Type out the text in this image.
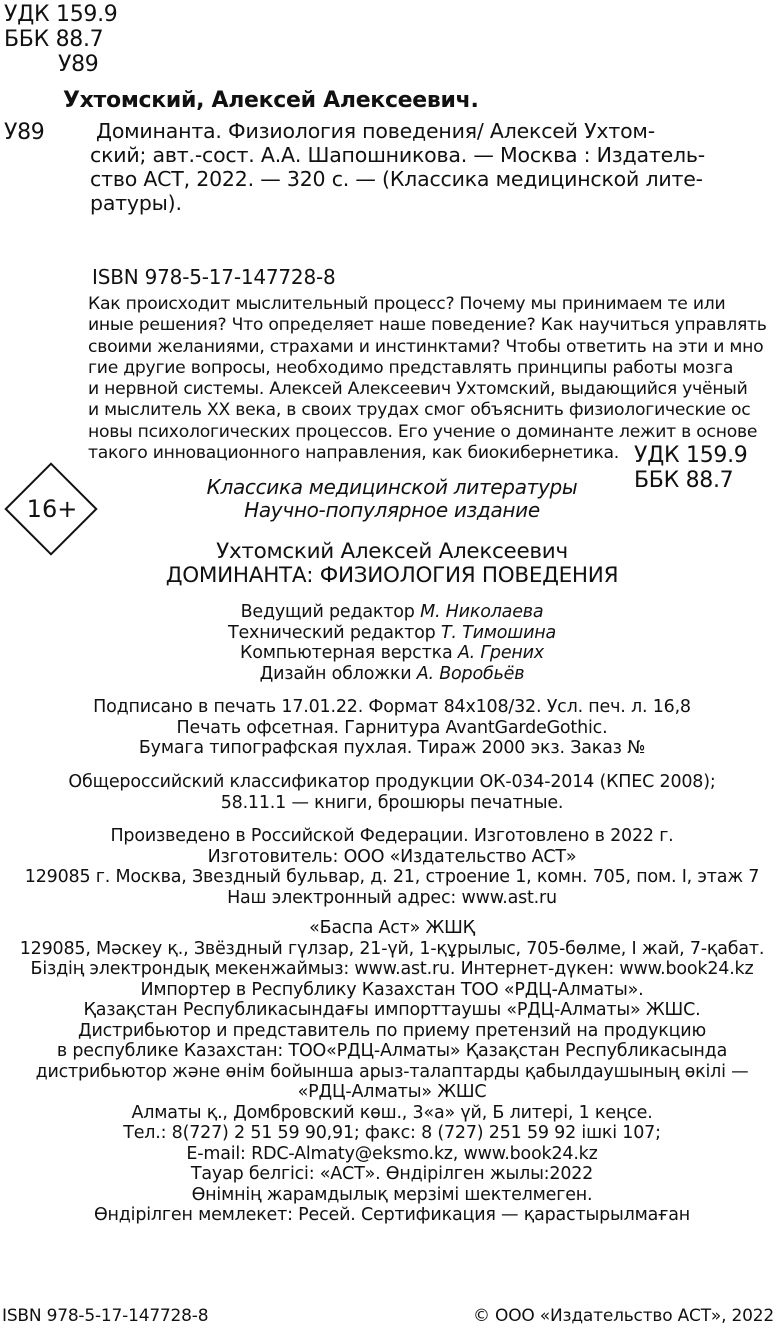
УДК 159.9
ББК 88.7
У89
Ухтомский, Алексей Алексеевич.
У89	Доминанта. Физиология поведения/ Алексей Ухтом-
ский; авт.-сост. А.А. Шапошникова. — Москва : Издатель-
ство АСТ, 2022. — 320 с. — (Классика медицинской лите-
ратуры).
ISBN 978-5-17-147728-8
Как происходит мыслительный процесс? Почему мы принимаем те или
иные решения? Что определяет наше поведение? Как научиться управлять
своими желаниями, страхами и инстинктами? Чтобы ответить на эти и мно
гие другие вопросы, необходимо представлять принципы работы мозга
и нервной системы. Алексей Алексеевич Ухтомский, выдающийся учёный
и мыслитель XX века, в своих трудах смог объяснить физиологические ос
новы психологических процессов. Его учение о доминанте лежит в основе
такого инновационного направления, как биокибернетика. УДК 159.9
ББК 88.7
16+
Классика медицинской литературы
Научно-популярное издание
Ухтомский Алексей Алексеевич
ДОМИНАНТА: ФИЗИОЛОГИЯ ПОВЕДЕНИЯ
Ведущий редактор М. Николаева
Технический редактор Т. Тимошина
Компьютерная верстка А. Грених
Дизайн обложки А. Воробьёв
Подписано в печать 17.01.22. Формат 84x108/32. Усл. печ. л. 16,8
Печать офсетная. Гарнитура AvantGardeGothic.
Бумага типографская пухлая. Тираж 2000 экз. Заказ №
Общероссийский классификатор продукции ОК-034-2014 (КПЕС 2008);
58.11.1 — книги, брошюры печатные.
Произведено в Российской Федерации. Изготовлено в 2022 г.
Изготовитель: ООО «Издательство АСТ»
129085 г. Москва, Звездный бульвар, д. 21, строение 1, комн. 705, пом. I, этаж 7
Наш электронный адрес: www.ast.ru
«Баспа Аст» ЖШҚ
129085, Мәскеу қ., Звёздный гүлзар, 21-үй, 1-құрылыс, 705-бөлме, I жай, 7-қабат.
Біздің электрондық мекенжаймыз: www.ast.ru. Интернет-дүкен: www.book24.kz
Импортер в Республику Казахстан ТОО «РДЦ-Алматы».
Қазақстан Республикасындағы импорттаушы «РДЦ-Алматы» ЖШС.
Дистрибьютор и представитель по приему претензий на продукцию
в республике Казахстан: ТОО«РДЦ-Алматы» Қазақстан Республикасында
дистрибьютор және өнім бойынша арыз-талаптарды қабылдаушының өкілі —
«РДЦ-Алматы» ЖШС
Алматы қ., Домбровский көш., 3«а» үй, Б литері, 1 кеңсе.
Тел.: 8(727) 2 51 59 90,91; факс: 8 (727) 251 59 92 ішкі 107;
E-mail: RDC-Almaty@eksmo.kz, www.book24.kz
Тауар белгісі: «АСТ». Өндірілген жылы:2022
Өнімнің жарамдылық мерзімі шектелмеген.
Өндірілген мемлекет: Ресей. Сертификация — қарастырылмаған
ISBN 978-5-17-147728-8	© ООО «Издательство АСТ», 2022
